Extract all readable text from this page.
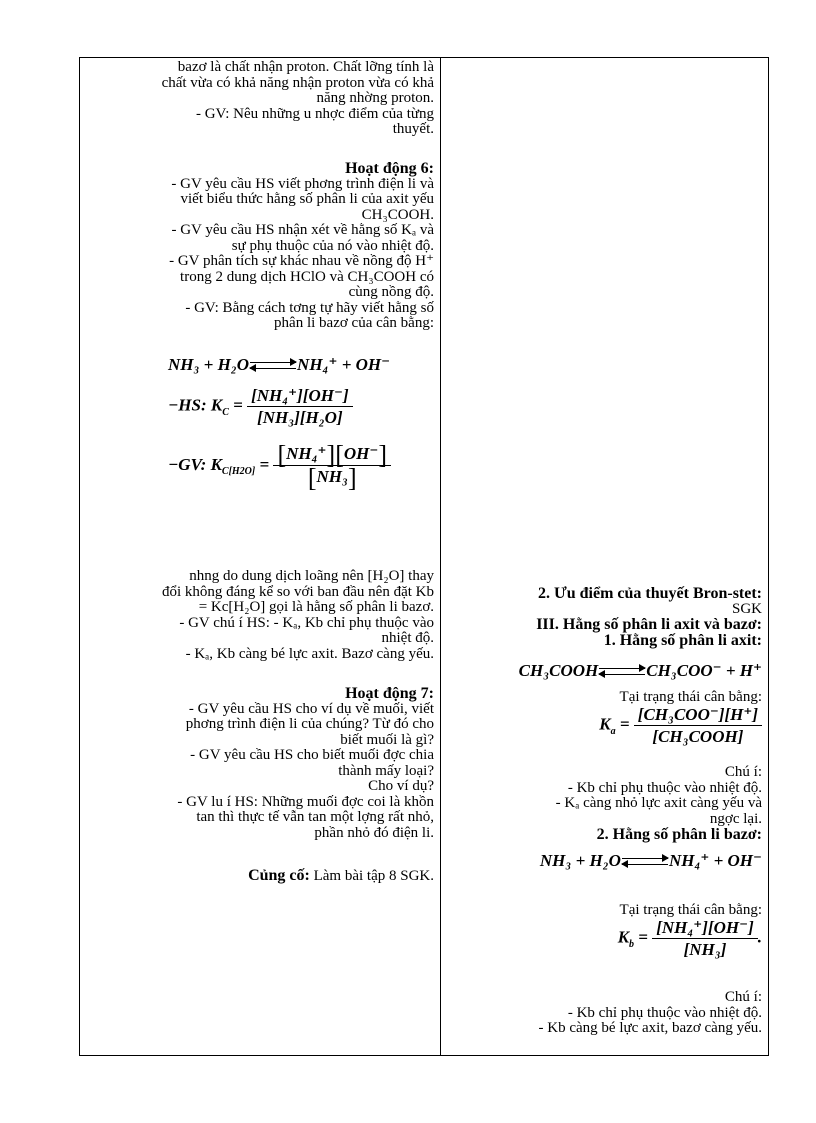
bazơ là chất nhận proton. Chất lỡng tính là

chất vừa có khả năng nhận proton vừa có khả

năng nhờng proton.

- GV: Nêu những u nhợc điểm của từng

thuyết.

Hoạt động 6:

- GV yêu cầu HS viết phơng trình điện li và

viết biểu thức hằng số phân li của axit yếu

CH₃COOH.

- GV yêu cầu HS nhận xét về hằng số Kₐ và

sự phụ thuộc của nó vào nhiệt độ.

- GV phân tích sự khác nhau về nồng độ H⁺

trong 2 dung dịch HClO và CH₃COOH có

cùng nồng độ.

- GV: Bằng cách tơng tự hãy viết hằng số

phân li bazơ của cân bằng:

NH₃ + H₂O⇌NH₄⁺ + OH⁻
−HS: $K_C = \frac{\text{[NH₄⁺][OH⁻]}}{\text{[NH₃][H₂O]}}$
−GV: $K_{C[H2O]} = \frac{\text{[NH₄⁺][OH⁻]}}{\text{[NH₃]}}$

nhng do dung dịch loãng nên [H₂O] thay

đổi không đáng kể so với ban đầu nên đặt Kb

= Kc[H₂O] gọi là hằng số phân li bazơ.

- GV chú í HS: - Kₐ, Kb chỉ phụ thuộc vào

nhiệt độ.

- Kₐ, Kb càng bé lực axit. Bazơ càng yếu.

Hoạt động 7:

- GV yêu cầu HS cho ví dụ về muối, viết

phơng trình điện li của chúng? Từ đó cho

biết muối là gì?

- GV yêu cầu HS cho biết muối đợc chia

thành mấy loại?

Cho ví dụ?

- GV lu í HS: Những muối đợc coi là khồn

tan thì thực tế vẫn tan một lợng rất nhỏ,

phần nhỏ đó điện li.

Củng cố: Làm bài tập 8 SGK.

2. Ưu điểm của thuyết Bron-stet:

SGK

III. Hằng số phân li axit và bazơ:

1. Hằng số phân li axit:

CH₃COOH⇌CH₃COO⁻ + H⁺

Tại trạng thái cân bằng:

$K_a = \frac{\text{[CH₃COO⁻][H⁺]}}{\text{[CH₃COOH]}}$

Chú í:

- Kb chỉ phụ thuộc vào nhiệt độ.

- Kₐ càng nhỏ lực axit càng yếu và

ngợc lại.

2. Hằng số phân li bazơ:

NH₃ + H₂O⇌NH₄⁺ + OH⁻

Tại trạng thái cân bằng:

$K_b = \frac{\text{[NH₄⁺][OH⁻]}}{\text{[NH₃]}}$ .

Chú í:

- Kb chỉ phụ thuộc vào nhiệt độ.

- Kb càng bé lực axit, bazơ càng yếu.
